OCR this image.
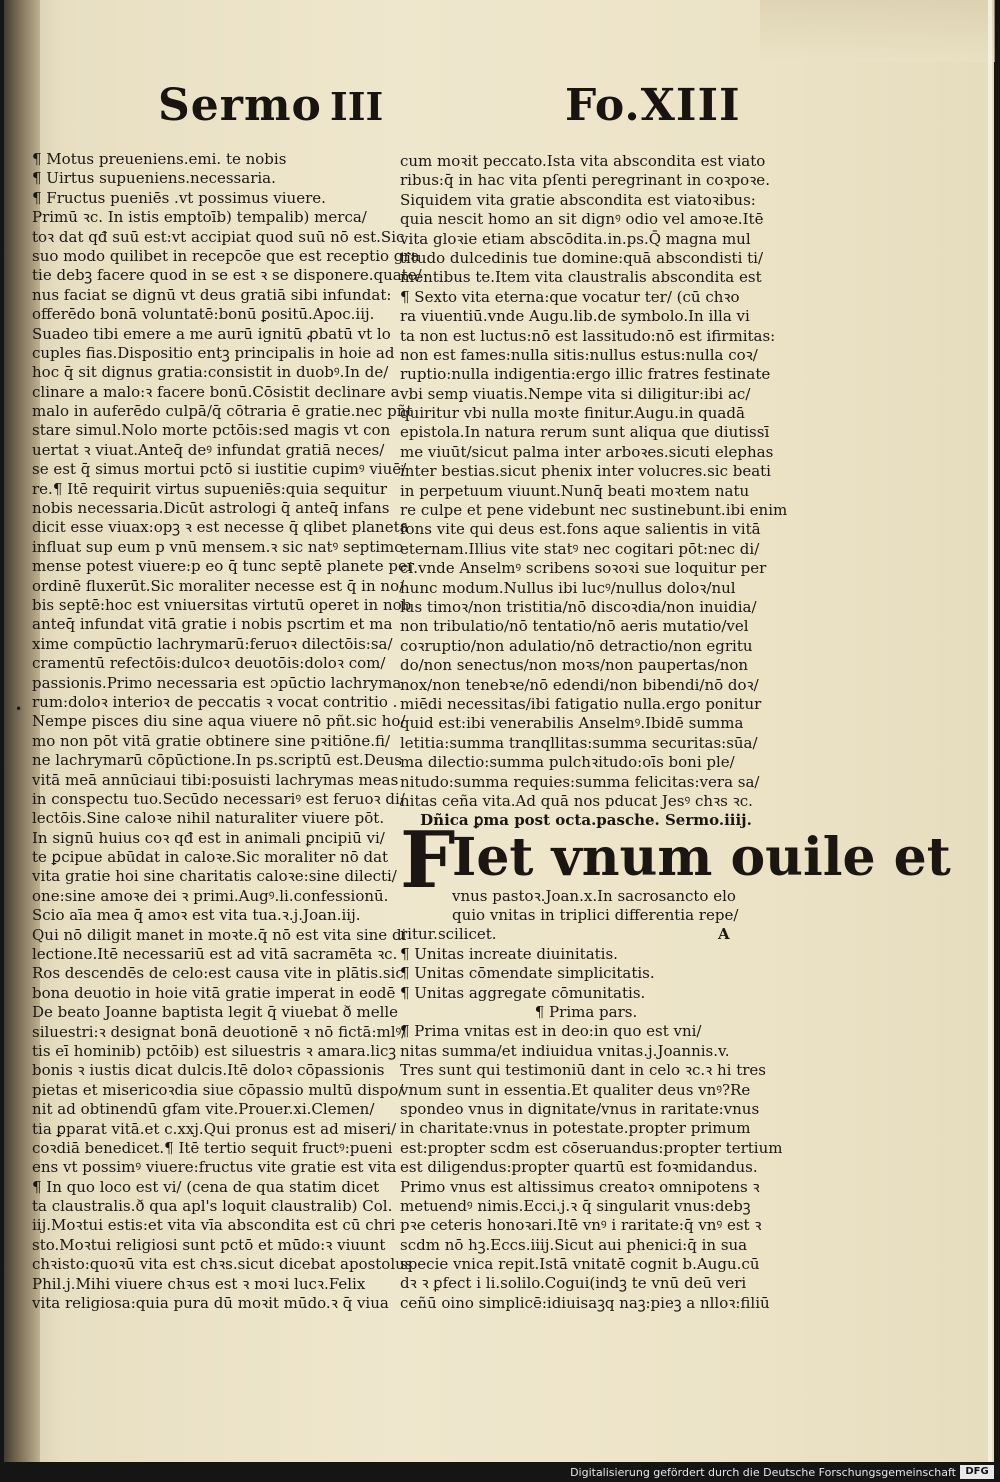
Sermo III	Fo.XIII
•
¶ Motus preueniens.emi. te nobis
¶ Uirtus supueniens.necessaria.
¶ Fructus pueniēs .vt possimus viuere.
Primū ꝛc. In istis emptoīb) tempalib) merca/
toꝛ dat qđ suū est:vt accipiat quod suū nō est.Sic
suo modo quilibet in recepcōe que est receptio gra
tie debꝫ facere quod in se est ꝛ se disponere.quate/
nus faciat se dignū vt deus gratiā sibi infundat:
offerēdo bonā voluntatē:bonū ꝑositū.Apoc.iij.
Suadeo tibi emere a me aurū ignitū ꝓbatū vt lo
cuples fias.Dispositio entꝫ principalis in hoie ad
hoc q̄ sit dignus gratia:consistit in duobꝰ.In de/
clinare a malo:ꝛ facere bonū.Cōsistit declinare a
malo in auferēdo culpā/q̄ cōtraria ē gratie.nec pñt
stare simul.Nolo morte pctōis:sed magis vt con
uertat ꝛ viuat.Anteq̄ deꝰ infundat gratiā neces/
se est q̄ simus mortui pctō si iustitie cupimꝰ viuē/
re.¶ Itē requirit virtus supueniēs:quia sequitur
nobis necessaria.Dicūt astrologi q̄ anteq̄ infans
dicit esse viuax:opꝫ ꝛ est necesse q̄ qlibet planeta
influat sup eum p vnū mensem.ꝛ sic natꝰ septimo
mense potest viuere:p eo q̄ tunc septē planete per
ordinē fluxerūt.Sic moraliter necesse est q̄ in no/
bis septē:hoc est vniuersitas virtutū operet in nob
anteq̄ infundat vitā gratie i nobis pscrtim et ma
xime compūctio lachrymarū:feruoꝛ dilectōis:sa/
cramentū refectōis:dulcoꝛ deuotōis:doloꝛ com/
passionis.Primo necessaria est ɔpūctio lachryma
rum:doloꝛ interioꝛ de peccatis ꝛ vocat contritio .
Nempe pisces diu sine aqua viuere nō pñt.sic ho/
mo non pōt vitā gratie obtinere sine pꝛitiōne.fi/
ne lachrymarū cōpūctione.In ps.scriptū est.Deus
vitā meā annūciaui tibi:posuisti lachrymas meas
in conspectu tuo.Secūdo necessariꝰ est feruoꝛ di/
lectōis.Sine caloꝛe nihil naturaliter viuere pōt.
In signū huius coꝛ qđ est in animali ꝑncipiū vi/
te ꝑcipue abūdat in caloꝛe.Sic moraliter nō dat
vita gratie hoi sine charitatis caloꝛe:sine dilecti/
one:sine amoꝛe dei ꝛ primi.Augꝰ.li.confessionū.
Scio aīa mea q̄ amoꝛ est vita tua.ꝛ.j.Joan.iij.
Qui nō diligit manet in moꝛte.q̄ nō est vita sine di
lectione.Itē necessariū est ad vitā sacramēta ꝛc.
Ros descendēs de celo:est causa vite in plātis.sic
bona deuotio in hoie vitā gratie imperat in eodē
De beato Joanne baptista legit q̄ viuebat ð melle
siluestri:ꝛ designat bonā deuotionē ꝛ nō fictā:mlꝰ/
tis eī hominib) pctōib) est siluestris ꝛ amara.licꝫ
bonis ꝛ iustis dicat dulcis.Itē doloꝛ cōpassionis
pietas et misericoꝛdia siue cōpassio multū dispo/
nit ad obtinendū gfam vite.Prouer.xi.Clemen/
tia ꝑparat vitā.et c.xxj.Qui pronus est ad miseri/
coꝛdiā benedicet.¶ Itē tertio sequit fructꝰ:pueni
ens vt possimꝰ viuere:fructus vite gratie est vita
¶ In quo loco est vi/ (cena de qua statim dicet
ta claustralis.ð qua apl's loquit claustralib) Col.
iij.Moꝛtui estis:et vita vīa abscondita est cū chri
sto.Moꝛtui religiosi sunt pctō et mūdo:ꝛ viuunt
chꝛisto:quoꝛū vita est chꝛs.sicut dicebat apostolus
Phil.j.Mihi viuere chꝛus est ꝛ moꝛi lucꝛ.Felix
vita religiosa:quia pura dū moꝛit mūdo.ꝛ q̄ viua
cum moꝛit peccato.Ista vita abscondita est viato
ribus:q̄ in hac vita pſenti peregrinant in coꝛpoꝛe.
Siquidem vita gratie abscondita est viatoꝛibus:
quia nescit homo an sit dignꝰ odio vel amoꝛe.Itē
vita gloꝛie etiam abscōdita.in.ps.Q̄ magna mul
titudo dulcedinis tue domine:quā abscondisti ti/
mentibus te.Item vita claustralis abscondita est
¶ Sexto vita eterna:que vocatur ter/ (cū chꝛo
ra viuentiū.vnde Augu.lib.de symbolo.In illa vi
ta non est luctus:nō est lassitudo:nō est ifirmitas:
non est fames:nulla sitis:nullus estus:nulla coꝛ/
ruptio:nulla indigentia:ergo illic fratres festinate
vbi semp viuatis.Nempe vita si diligitur:ibi ac/
quiritur vbi nulla moꝛte finitur.Augu.in quadā
epistola.In natura rerum sunt aliqua que diutissī
me viuūt/sicut palma inter arboꝛes.sicuti elephas
inter bestias.sicut phenix inter volucres.sic beati
in perpetuum viuunt.Nunq̄ beati moꝛtem natu
re culpe et pene videbunt nec sustinebunt.ibi enim
fons vite qui deus est.fons aque salientis in vitā
eternam.Illius vite statꝰ nec cogitari pōt:nec di/
ci.vnde Anselmꝰ scribens soꝛoꝛi sue loquitur per
hunc modum.Nullus ibi lucꝰ/nullus doloꝛ/nul
lus timoꝛ/non tristitia/nō discoꝛdia/non inuidia/
non tribulatio/nō tentatio/nō aeris mutatio/vel
coꝛruptio/non adulatio/nō detractio/non egritu
do/non senectus/non moꝛs/non paupertas/non
nox/non tenebꝛe/nō edendi/non bibendi/nō doꝛ/
miēdi necessitas/ibi fatigatio nulla.ergo ponitur
quid est:ibi venerabilis Anselmꝰ.Ibidē summa
letitia:summa tranqllitas:summa securitas:sūa/
ma dilectio:summa pulchꝛitudo:oīs boni ple/
nitudo:summa requies:summa felicitas:vera sa/
nitas ceña vita.Ad quā nos pducat Jesꝰ chꝛs ꝛc.
Dñica ꝑma post octa.pasche. Sermo.iiij.
FIet vnum ouile et
vnus pastoꝛ.Joan.x.In sacrosancto elo
quio vnitas in triplici differentia repe/
ritur.scilicet.	A
¶ Unitas increate diuinitatis.
¶ Unitas cōmendate simplicitatis.
¶ Unitas aggregate cōmunitatis.
¶ Prima pars.
¶ Prima vnitas est in deo:in quo est vni/
nitas summa/et indiuidua vnitas.j.Joannis.v.
Tres sunt qui testimoniū dant in celo ꝛc.ꝛ hi tres
vnum sunt in essentia.Et qualiter deus vnꝰ?Re
spondeo vnus in dignitate/vnus in raritate:vnus
in charitate:vnus in potestate.propter primum
est:propter scdm est cōseruandus:propter tertium
est diligendus:propter quartū est foꝛmidandus.
Primo vnus est altissimus creatoꝛ omnipotens ꝛ
metuendꝰ nimis.Ecci.j.ꝛ q̄ singularit vnus:debꝫ
pꝛe ceteris honoꝛari.Itē vnꝰ i raritate:q̄ vnꝰ est ꝛ
scdm nō hꝫ.Eccs.iiij.Sicut aui phenici:q̄ in sua
specie vnica repit.Istā vnitatē cognit b.Augu.cū
dꝛ ꝛ ꝑfect i li.solilo.Cogui(indꝫ te vnū deū veri
ceñū oino simplicē:idiuisaꝫq naꝫ:pieꝫ a nlloꝛ:filiū
Digitalisierung gefördert durch die Deutsche Forschungsgemeinschaft DFG
